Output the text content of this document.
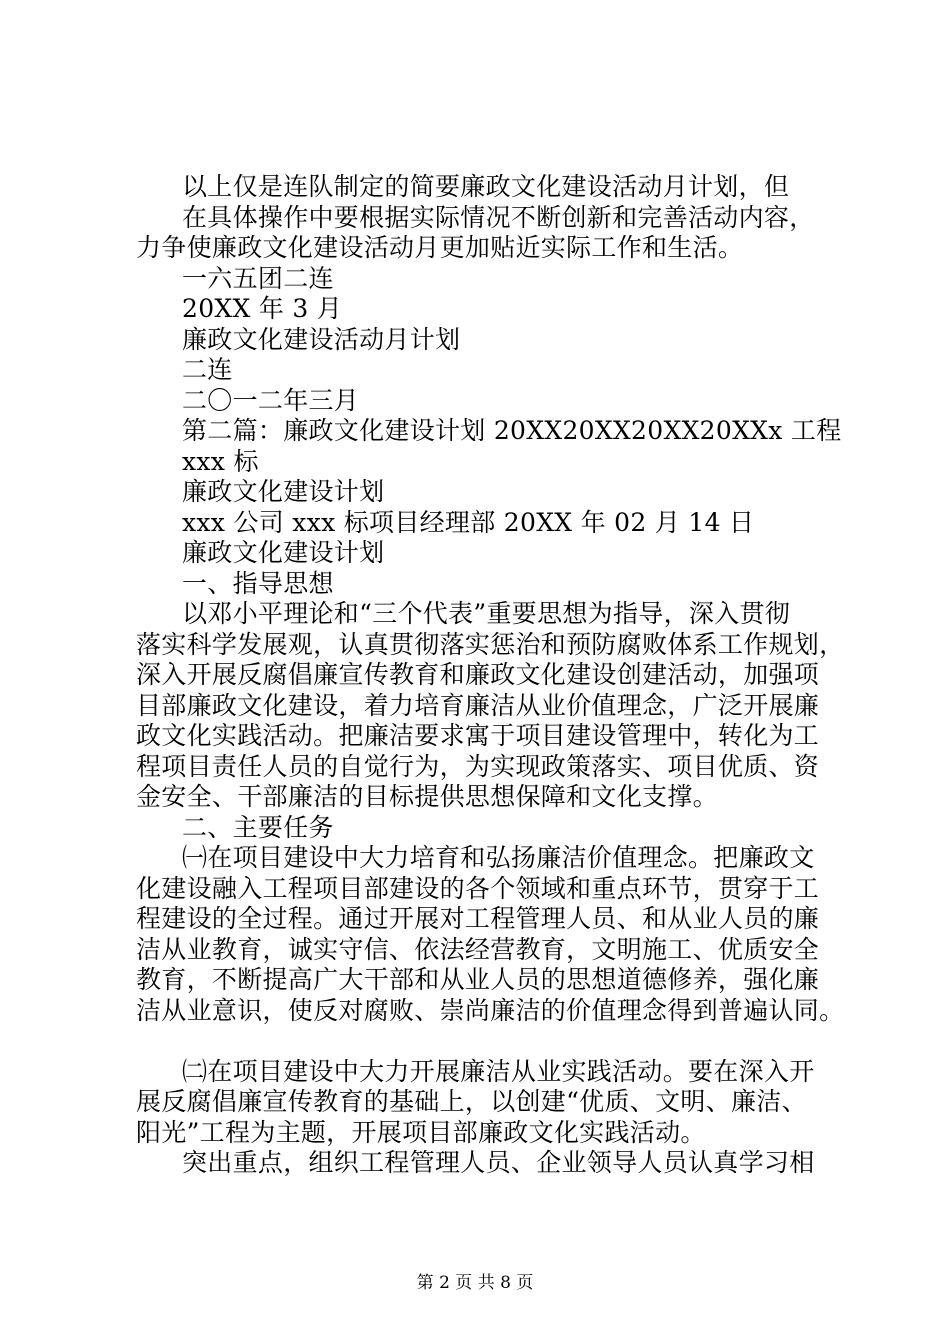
以上仅是连队制定的简要廉政文化建设活动月计划，但
在具体操作中要根据实际情况不断创新和完善活动内容，
力争使廉政文化建设活动月更加贴近实际工作和生活。
一六五团二连
20XX 年 3 月
廉政文化建设活动月计划
二连
二〇一二年三月
第二篇：廉政文化建设计划 20XX20XX20XX20XXx 工程
xxx 标
廉政文化建设计划
xxx 公司 xxx 标项目经理部 20XX 年 02 月 14 日
廉政文化建设计划
一、指导思想
以邓小平理论和“三个代表”重要思想为指导，深入贯彻
落实科学发展观，认真贯彻落实惩治和预防腐败体系工作规划，
深入开展反腐倡廉宣传教育和廉政文化建设创建活动，加强项
目部廉政文化建设，着力培育廉洁从业价值理念，广泛开展廉
政文化实践活动。把廉洁要求寓于项目建设管理中，转化为工
程项目责任人员的自觉行为，为实现政策落实、项目优质、资
金安全、干部廉洁的目标提供思想保障和文化支撑。
二、主要任务
㈠在项目建设中大力培育和弘扬廉洁价值理念。把廉政文
化建设融入工程项目部建设的各个领域和重点环节，贯穿于工
程建设的全过程。通过开展对工程管理人员、和从业人员的廉
洁从业教育，诚实守信、依法经营教育，文明施工、优质安全
教育，不断提高广大干部和从业人员的思想道德修养，强化廉
洁从业意识，使反对腐败、崇尚廉洁的价值理念得到普遍认同。
㈡在项目建设中大力开展廉洁从业实践活动。要在深入开
展反腐倡廉宣传教育的基础上，以创建“优质、文明、廉洁、
阳光”工程为主题，开展项目部廉政文化实践活动。
突出重点，组织工程管理人员、企业领导人员认真学习相
第 2 页 共 8 页
